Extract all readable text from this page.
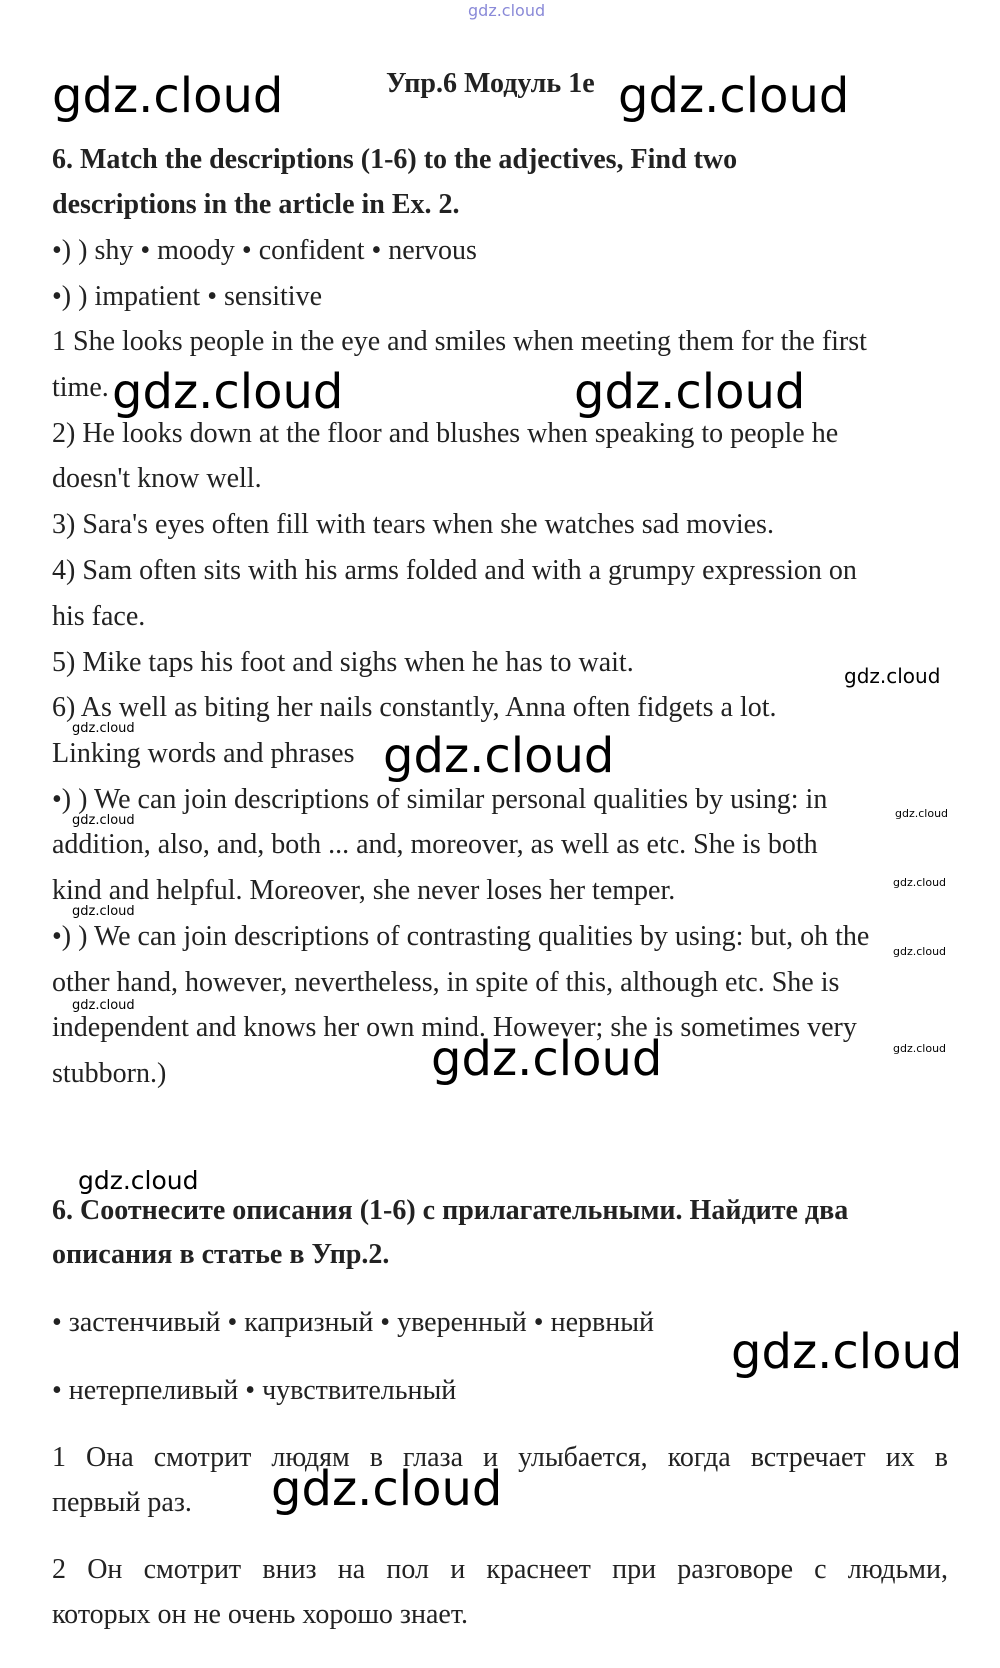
gdz.cloud
Упр.6 Модуль 1е
6. Match the descriptions (1-6) to the adjectives, Find two
descriptions in the article in Ex. 2.
•) ) shy • moody • confident • nervous
•) ) impatient • sensitive
1 She looks people in the eye and smiles when meeting them for the first
time.
2) He looks down at the floor and blushes when speaking to people he
doesn't know well.
3) Sara's eyes often fill with tears when she watches sad movies.
4) Sam often sits with his arms folded and with a grumpy expression on
his face.
5) Mike taps his foot and sighs when he has to wait.
6) As well as biting her nails constantly, Anna often fidgets a lot.
Linking words and phrases
•) ) We can join descriptions of similar personal qualities by using: in
addition, also, and, both ... and, moreover, as well as etc. She is both
kind and helpful. Moreover, she never loses her temper.
•) ) We can join descriptions of contrasting qualities by using: but, oh the
other hand, however, nevertheless, in spite of this, although etc. She is
independent and knows her own mind. However; she is sometimes very
stubborn.)
6. Соотнесите описания (1-6) с прилагательными. Найдите два
описания в статье в Упр.2.
• застенчивый • капризный • уверенный • нервный
• нетерпеливый • чувствительный
1 Она смотрит людям в глаза и улыбается, когда встречает их в
первый раз.
2 Он смотрит вниз на пол и краснеет при разговоре с людьми,
которых он не очень хорошо знает.
gdz.cloud	gdz.cloud
gdz.cloud	gdz.cloud
gdz.cloud
gdz.cloud	gdz.cloud
gdz.cloud	gdz.cloud
gdz.cloud
gdz.cloud
gdz.cloud
gdz.cloud
gdz.cloud
gdz.cloud
gdz.cloud
gdz.cloud
gdz.cloud
